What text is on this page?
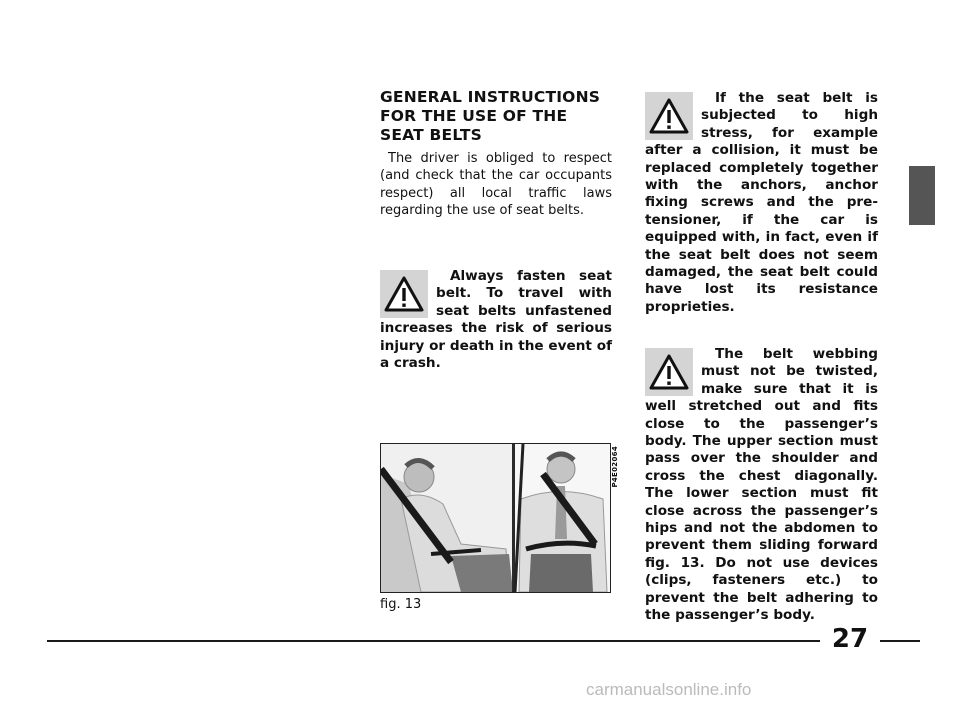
GENERAL INSTRUCTIONS FOR THE USE OF THE SEAT BELTS
The driver is obliged to respect (and check that the car occupants respect) all local traffic laws regarding the use of seat belts.

Always fasten seat belt. To travel with seat belts unfastened increases the risk of serious injury or death in the event of a crash.

If the seat belt is subjected to high stress, for example after a collision, it must be replaced completely together with the anchors, anchor fixing screws and the pre-tensioner, if the car is equipped with, in fact, even if the seat belt does not seem damaged, the seat belt could have lost its resistance proprieties.

The belt webbing must not be twisted, make sure that it is well stretched out and fits close to the passenger’s body. The upper section must pass over the shoulder and cross the chest diagonally. The lower section must fit close across the passenger’s hips and not the abdomen to prevent them sliding forward fig. 13. Do not use devices (clips, fasteners etc.) to prevent the belt adhering to the passenger’s body.

P4E02064
fig. 13
27
carmanualsonline.info
